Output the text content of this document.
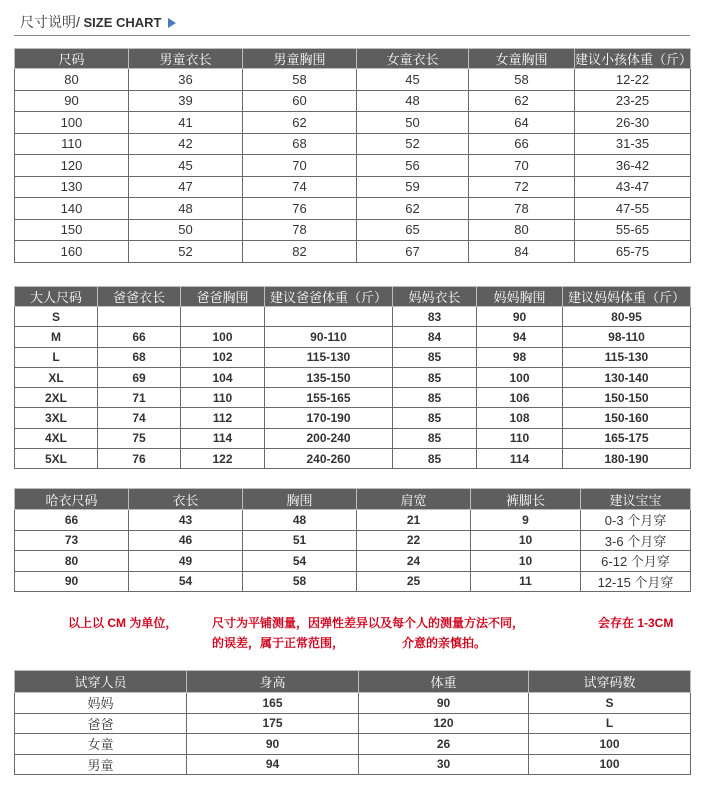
尺寸说明/ SIZE CHART
尺码	男童衣长	男童胸围	女童衣长	女童胸围	建议小孩体重（斤）
80	36	58	45	58	12-22
90	39	60	48	62	23-25
100	41	62	50	64	26-30
110	42	68	52	66	31-35
120	45	70	56	70	36-42
130	47	74	59	72	43-47
140	48	76	62	78	47-55
150	50	78	65	80	55-65
160	52	82	67	84	65-75
大人尺码	爸爸衣长	爸爸胸围	建议爸爸体重（斤）	妈妈衣长	妈妈胸围	建议妈妈体重（斤）
S				83	90	80-95
M	66	100	90-110	84	94	98-110
L	68	102	115-130	85	98	115-130
XL	69	104	135-150	85	100	130-140
2XL	71	110	155-165	85	106	150-150
3XL	74	112	170-190	85	108	150-160
4XL	75	114	200-240	85	110	165-175
5XL	76	122	240-260	85	114	180-190
哈衣尺码	衣长	胸围	肩宽	裤脚长	建议宝宝
66	43	48	21	9	0-3 个月穿
73	46	51	22	10	3-6 个月穿
80	49	54	24	10	6-12 个月穿
90	54	58	25	11	12-15 个月穿
以上以 CM 为单位，	尺寸为平铺测量，因弹性差异以及每个人的测量方法不同，	会存在 1-3CM
的误差，属于正常范围，	介意的亲慎拍。
试穿人员	身高	体重	试穿码数
妈妈	165	90	S
爸爸	175	120	L
女童	90	26	100
男童	94	30	100
